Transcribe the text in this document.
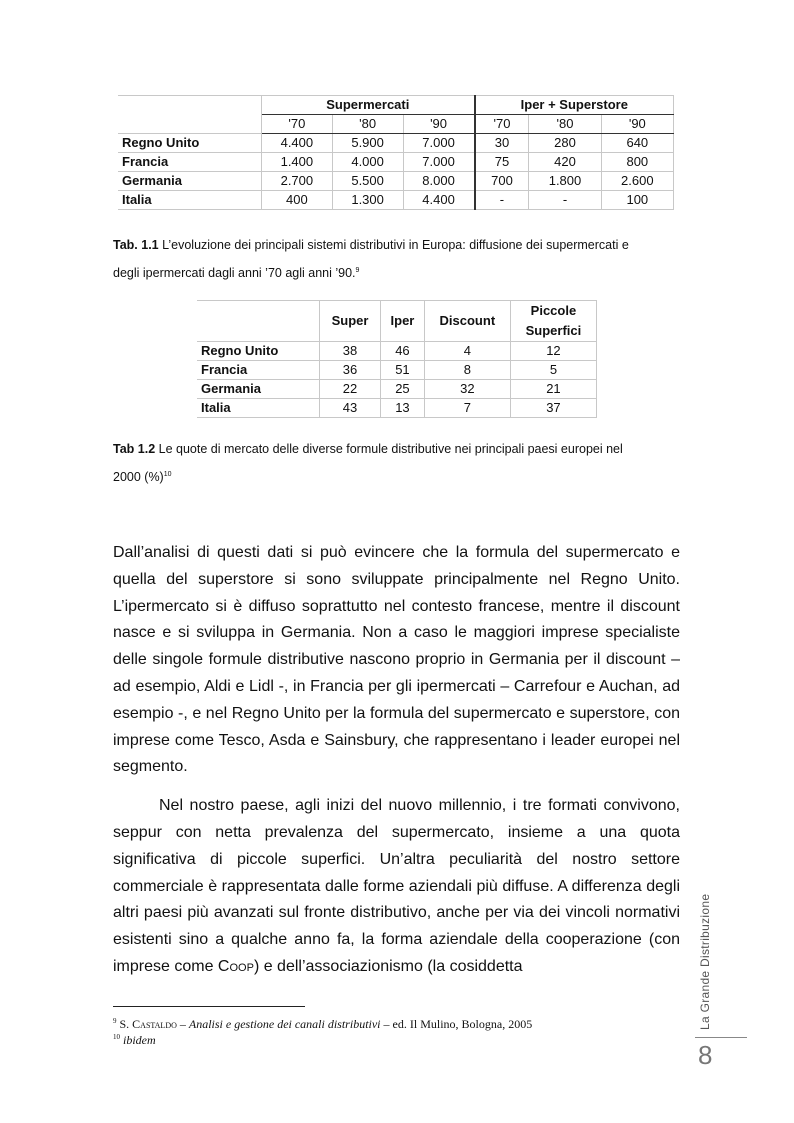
	Supermercati			Iper + Superstore		
	'70	'80	'90	'70	'80	'90
Regno Unito	4.400	5.900	7.000	30	280	640
Francia	1.400	4.000	7.000	75	420	800
Germania	2.700	5.500	8.000	700	1.800	2.600
Italia	400	1.300	4.400	-	-	100
Tab. 1.1 L’evoluzione dei principali sistemi distributivi in Europa: diffusione dei supermercati e
degli ipermercati dagli anni ’70 agli anni ’90.$^9$
	Super	Iper	Discount	Piccole
				Superfici
Regno Unito	38	46	4	12
Francia	36	51	8	5
Germania	22	25	32	21
Italia	43	13	7	37
Tab 1.2 Le quote di mercato delle diverse formule distributive nei principali paesi europei nel
2000 (%)$^{10}$

Dall’analisi di questi dati si può evincere che la formula del supermercato e quella del superstore si sono sviluppate principalmente nel Regno Unito. L’ipermercato si è diffuso soprattutto nel contesto francese, mentre il discount nasce e si sviluppa in Germania. Non a caso le maggiori imprese specialiste delle singole formule distributive nascono proprio in Germania per il discount – ad esempio, Aldi e Lidl -, in Francia per gli ipermercati – Carrefour e Auchan, ad esempio -, e nel Regno Unito per la formula del supermercato e superstore, con imprese come Tesco, Asda e Sainsbury, che rappresentano i leader europei nel segmento.

Nel nostro paese, agli inizi del nuovo millennio, i tre formati convivono, seppur con netta prevalenza del supermercato, insieme a una quota significativa di piccole superfici. Un’altra peculiarità del nostro settore commerciale è rappresentata dalle forme aziendali più diffuse. A differenza degli altri paesi più avanzati sul fronte distributivo, anche per via dei vincoli normativi esistenti sino a qualche anno fa, la forma aziendale della cooperazione (con imprese come Coop) e dell’associazionismo (la cosiddetta

$^9$ S. Castaldo – Analisi e gestione dei canali distributivi – ed. Il Mulino, Bologna, 2005
$^{10}$ ibidem
La Grande Distribuzione
8
